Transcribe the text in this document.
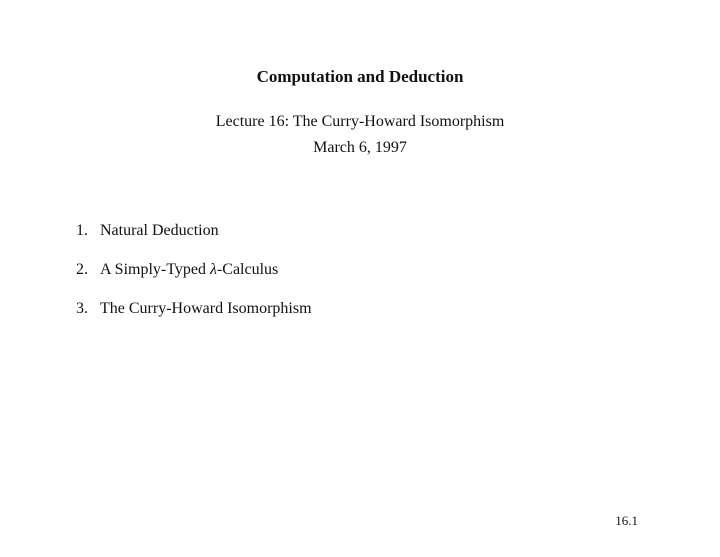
Computation and Deduction
Lecture 16: The Curry-Howard Isomorphism
March 6, 1997
1. Natural Deduction
2. A Simply-Typed λ-Calculus
3. The Curry-Howard Isomorphism
16.1
